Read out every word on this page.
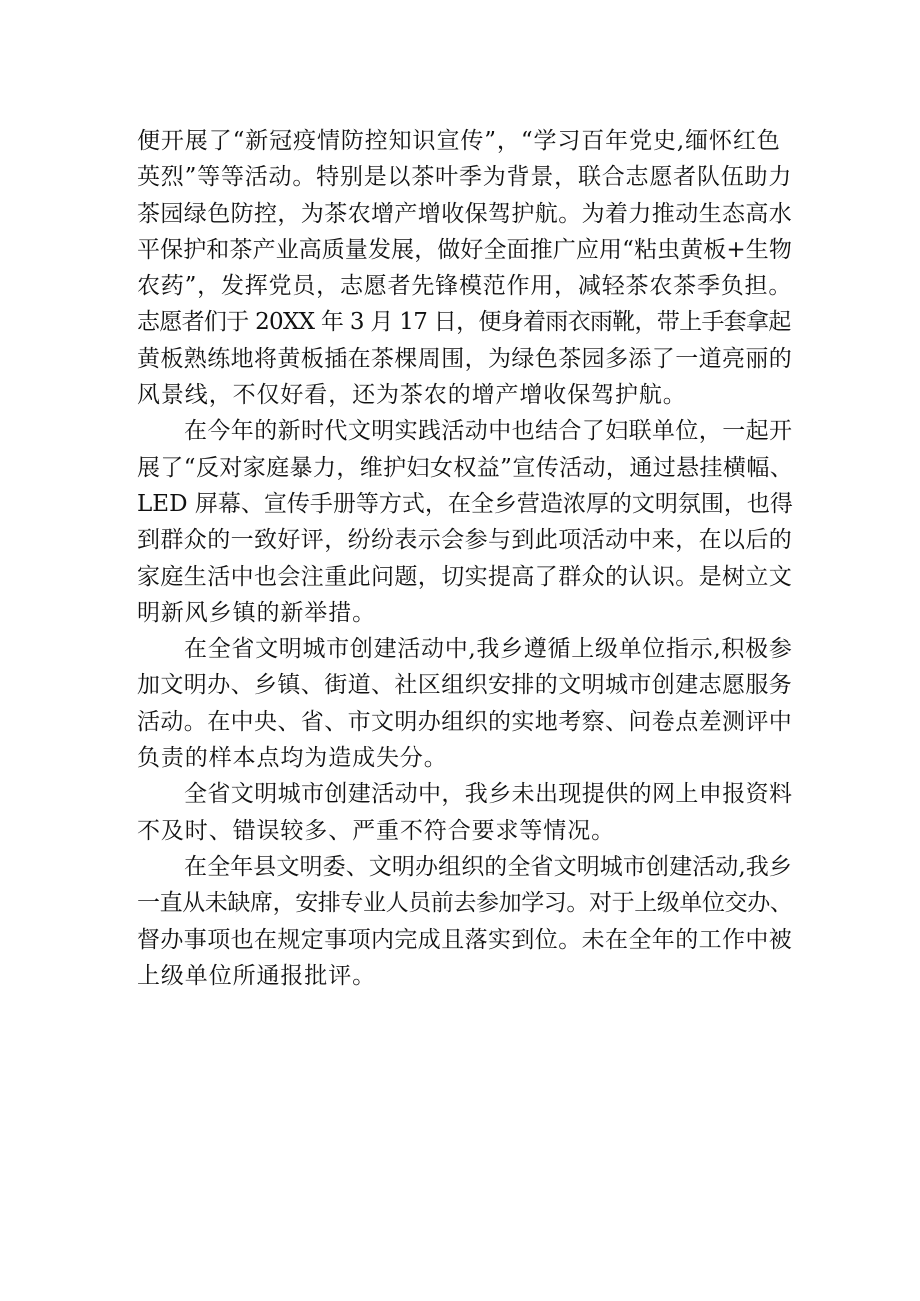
便开展了“新冠疫情防控知识宣传”，“学习百年党史,缅怀红色
英烈”等等活动。特别是以茶叶季为背景，联合志愿者队伍助力
茶园绿色防控，为茶农增产增收保驾护航。为着力推动生态高水
平保护和茶产业高质量发展，做好全面推广应用“粘虫黄板+生物
农药”，发挥党员，志愿者先锋模范作用，减轻茶农茶季负担。
志愿者们于 20XX 年 3 月 17 日，便身着雨衣雨靴，带上手套拿起
黄板熟练地将黄板插在茶棵周围，为绿色茶园多添了一道亮丽的
风景线，不仅好看，还为茶农的增产增收保驾护航。
在今年的新时代文明实践活动中也结合了妇联单位，一起开
展了“反对家庭暴力，维护妇女权益”宣传活动，通过悬挂横幅、
LED 屏幕、宣传手册等方式，在全乡营造浓厚的文明氛围，也得
到群众的一致好评，纷纷表示会参与到此项活动中来，在以后的
家庭生活中也会注重此问题，切实提高了群众的认识。是树立文
明新风乡镇的新举措。
在全省文明城市创建活动中,我乡遵循上级单位指示,积极参
加文明办、乡镇、街道、社区组织安排的文明城市创建志愿服务
活动。在中央、省、市文明办组织的实地考察、问卷点差测评中
负责的样本点均为造成失分。
全省文明城市创建活动中，我乡未出现提供的网上申报资料
不及时、错误较多、严重不符合要求等情况。
在全年县文明委、文明办组织的全省文明城市创建活动,我乡
一直从未缺席，安排专业人员前去参加学习。对于上级单位交办、
督办事项也在规定事项内完成且落实到位。未在全年的工作中被
上级单位所通报批评。
